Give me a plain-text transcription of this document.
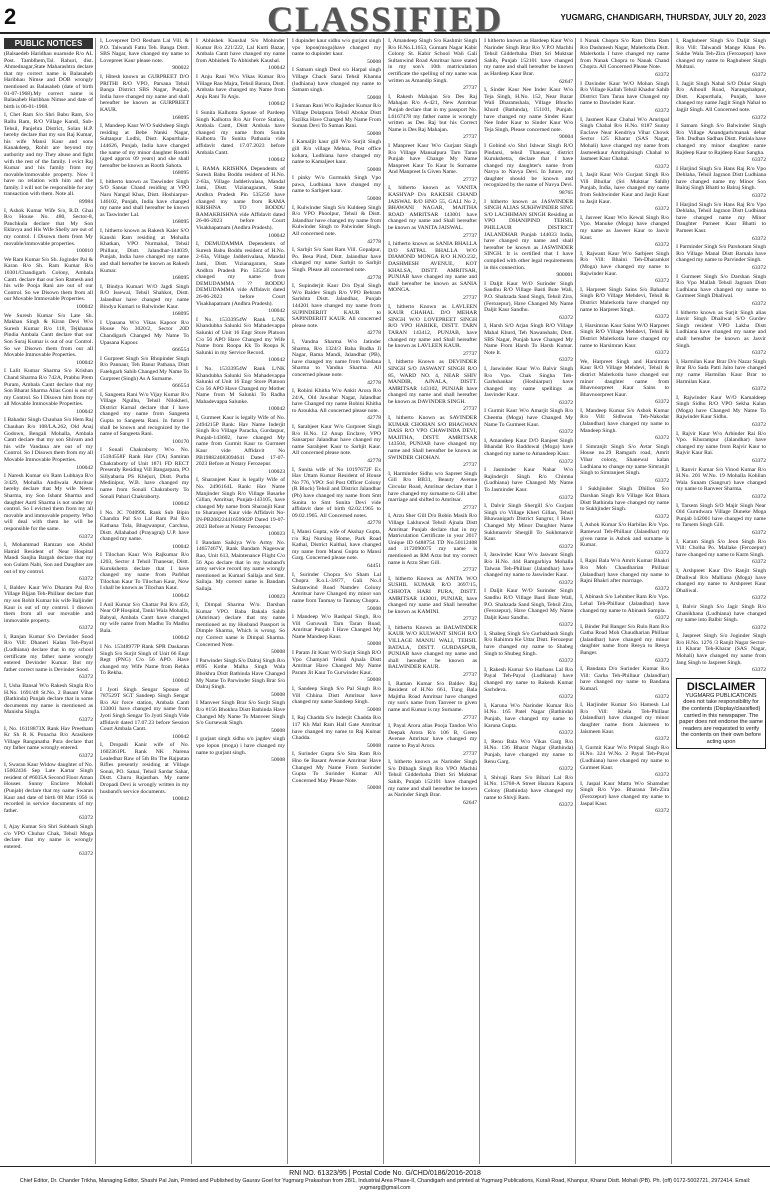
2	CLASSIFIED	YUGMARG, CHANDIGARH, THURSDAY, JULY 20, 2023
PUBLIC NOTICES
(Balsaedeb Haridhau nuarnsde R/o AL Post. Tamblhem,Tal. Rahuri, dist. Ahmednagar,State Maharashtra declare that my correct name is Balasaheb Haribhau Nimse and DOB wrongly mentioned as Balasaheb (date of birth 01-07-1968).My correct name is Balasaheb Haribhau Nimse and date of birth is 06-01-1968.
I, Chet Ram S/o Shri Babu Ram, S/o Rallu Ram, R/O Village Kandi, Sub-Tehsil, Panjehra District, Solan H.P. hereby declare that my son Raj Kumar, his wife Mansi Kaur and sons Kanakdeep, Rohit are beyond my authority and my They abuse and fight with the rest of the family. I evict Raj Kumar and his family from my movable/immovable property. Now I have no relation with him and the family. I will not be responsible for any transaction with them. Note all.
89984
I, Ashok Kumar Wife S/o, R.D. Ghai R/o House No. 480, Sector-8, Panchkula declare that My Son Eklavya and His Wife Shelly are out of my control. I Disown them from My movable/immovable properties.
100010
We Ram Kumar S/o Sh. Joginder Pal & Karan R/o Sh. Ram Kumar R/o 10301/Chandigarh Colony, Ambala Cantt. declare that our Son Ramesh and his wife Pooja Rani are out of our Control. So we Disown them from all our Movable Immovable Properties.
100042
We Suresh Kumar S/o Late Sh. Makhan Singh & Kiran Devi W/o Suresh Kumar R/o 118, Tejkhanas Pindia Ambala Cantt declare that our Son Suraj Kumar is out of our Control. So we Disown them from our all Movable Immovable Properties.
100042
I Lalit Kumar Sharma S/o Krishan Chand Sharma R/o 742A, Prabhu Prem Puram, Ambala Cantt declare that my Son Bharat Sharma Alias Goni is out of my Control. So I Disown him from my all Movable Immovable Properties.
100042
I Bahadur Singh Chauhan S/o Hem Raj Chauhan R/o 108/LA.262, Old Anaj Godown, Bengali Mohalla, Ambala Cantt declare that my son Shivam and his wife Vandana are out of my Control. So I Disown them from my all Movable Immovable Properties.
100042
I Naresh Kumar s/o Ram Lubhaya R/o 3/429, Mohalla Andiwala Amritsar hereby declare that My wife Neeru Sharma, my Son Ishant Sharma and daughter Aarti Sharma is not under my control. So I evicted them from my all movable and immovable property. Who will deal with them he will be responsible for the same.
63372
I, Mohammad Ramzan son Abdul Hamid Resident of Near Hospital Mandi Sanjha Bargah declare that my son Gulam Nabi, Son and Daughter are out of my control.
63372
I, Baldev Kaur W/o Dharam Pal R/o Village Bijjan Teh-Phillaur declare that my son Rohit Kumar his wife Baljinder Kaur is out of my control. I disown them from all our movable and immovable property.
63372
I, Ranjan Kumar S/o Devinder Sood R/o Vill: Dhaneri Kalan Teh-Payal (Ludhiana) declare that in my school certificate my father name wrongly entered Devinder Kumar. But my father correct name is Devinder Sood.
63372
I, Usha Bansal W/o Rakesh Singla R/o H.No. 1691/48 St.No. 2 Basant Vihar (Bathinda) Punjab declare that in some documents my name is mentioned as Manisha Singla.
63372
I, No. 16118873X Rank Hav Preetham Kr Sh R K Ponacha R/o Arasikere Village Ranganatha Pura declare that my father name wrongly entered.
63372
I, Swaran Kaur Widow daughter of No. 15002436 Sep Late Kartar Singh resident of #6035A Second Floor Aman Houses Sunny Enclave Mohali (Punjab) declare that my name Swaran Kaur and date of birth 08 Mar 1956 is recorded in service documents of my father.
63372
I, Ajay Kumar S/o Shri Subhash Singh c/o VPO Chuhar Chak, Tehsil Moga declare that my name is wrongly entered.
63372
I, Lovepreet D/O Resham Lal Vill. & P.O. Talwandi Fattu Teh. Banga Distt. SBS Nagar, have changed my name to Lovepreet Kaur please note.
900022
I, Hitesh known as GURPREET D/O PRITHI R/O VPO, Parsana Tehsil Banga District SBS Nagar, Punjab, India have changed my name and shall hereafter be known as GURPREET KAUR.
168095
I, Mandeep Kaur W/O Sukhdeep Singh residing at Bebe Nanki Nagar, Sultanpur Lodhi, Distt. Kapurthala-144626, Punjab, India have changed the name of my minor daughter Roothi (aged approx 09 years) and she shall hereafter be known as Rooth Sahota.
168095
I, hitherto known as Taswinder Singh S/O Sansar Chand residing at VPO Naru Nangal Khas, Distt. Hoshiarpur-146102, Punjab, India have changed my name and shall hereafter be known as Taswinder Lal.
168095
I, hitherto known as Rakesh Kaler S/O Kanshi Ram residing at Mohalla Khatkan, VPO Nurmahal, Tehsil Phillaur, Distt. Jalandhar-144039, Punjab, India have changed my name and shall hereafter be known as Rakesh Kumar.
168095
I, Bindya Kumari W/O Jagdi Singh R/O Issewal, Tehsil Shahkot, Distt. Jalandhar have changed my name Bindya Kumari to Balwinder Kaur.
168095
I Upasana W/o Vikas Kapoor R/o House No 3020/2, Sector 20D Chandigarh Changed My Name To Upasana Kapoor.
666554
I Gurpreet Singh S/o Bhupinder Singh R/o Pannaur, Teh Banur Pathana, Distt Fatehgarh Sahib Changed My Name To Gurpreet (Singh) As A Surname.
666554
I, Sangeeta Rani W/o Vijay Kumar R/o Village Ngulhu, Tehsil Nilokheri, District Karnal declare that I have changed my name from Sangeeta Gupta to Sangeeta Rani. In future I shall be known and recognized by the name of Sangeeta Rani.
100170
I Sonali Chakraborty W/o No. 15184558F Rank Hav (TA) Samiran Chakraborty of Unit 1871 FD RECT Presently Residing Vill Bangarpara, PO Sillyabaria PS Khejuri, Distt. Purba Medinipur, W.B. have changed my name from Sonali Chakraborty To Sonali Pahari Chakraborty.
100042
I No. JC 704099L Rank Sub Bipin Chandra Pal S/o Lal Ram Pal R/o Kathana Tola, Bhagwanpur, Carchna, Distt. Allahabad (Prayagraj) U.P. have changed my name.
100042
I Tilochan Kaur W/o Rajkumar R/o 1203, Sector 4 Tehsil Thanesar, Distt. Kurukshetra declare that I have changed my name from Parbhat Tilochan Kaur To Tilochan Kaur, Now I shall be known as Tilochan Kaur.
100042
I Anil Kumar S/o Chattar Pal R/o 459, Near OP Hospital, Tanki Wala Mohalla, Babyal, Ambala Cantt have changed my wife name from Madhu To Madhu Bala.
100042
I No. 15348977P Rank SPR Daskaran Singh S/o Surjit Singh of Unit 66 Engr Regt (PNG) C/o 56 APO. Have changed my Wife Name from Rehka To Rekha.
100042
I Jyoti Singh Sengar Spouse of 787529T SGT Sandeep Singh Sengar R/o Air force station, Ambala Cantt 133001 have changed my name from Jyoti Singh Sengar To Jyoti Singh Vide affidavit dated 17.07.23 before Session Court Ambala Cantt.
100042
I, Dropadi Kanir wife of No. 1602361PL Rank NK Narena Lealedhar Raw of 5th Bn The Rajputan Rifles presently residing at Village Sonai, PO. Sanai, Tehsil Sardar Sahar, Distt. Churu Rajasthan. My name Dropadi Devi is wrongly written in my husband's service documents.
100042
I Abhishek Kaushal S/o Mohinder Kumar R/o 221/222, Lal Kurti Bazar, Ambala Cantt have changed my name from Abhishek To Abhishek Kaushal.
100042
I Anju Rani W/o Vikas Kumar R/o Village Rao Majra, Tehsil Barara, Distt. Ambala have changed my Name from Anju Rani To Anju.
100042
I Sunita Kalhotra Spouse of Pardeep Singh Kalhotra R/o Air Force Station, Ambala Cantt, Distt Ambala have changed my name from Sunita Kalhotra To Sunita Pathania vide affidavit dated 17.07.2023 before Ambala Cantt.
100042
I, RAMA KRISHNA Dependents of Suresh Babu Boddu resident of H.No. 2-63a, Village Jaddetivalasa, Mandal Jami, Distt. Vizianagaram, State Andhra Pradesh Pin 535250 have changed my name from RAMA KRISHNA TO BODDU RAMAKRISHNA vide Affidavit dated 26-06-2023 before Court Visakhapatnam (Andhra Pradesh).
100042
I, DEMUDAMMA Dependents of Suresh Babu Boddu resident of H.No. 2-63a, Village Jaddetivalasa, Mandal Jami, Distt. Vizianagaram, State Andhra Pradesh Pin 535250 have changed my name from DEMUDAMMA ?? BODDU DEMUDAMMA vide Affidavit dated 26-06-2023 before Court Visakhapatnam (Andhra Pradesh).
100042
I No. 15333954W Rank L/NK Khandubha Salunki S/o Mahadevappa Salunki of Unit 16 Engr Store Platoon C/o 56 APO Have Changed my Wife Name from Roopa Kk To Roopa K Salunki in my Service Record.
100042
I No. 15333954W Rank L/NK Khandubha Salunki S/o Mahadevappa Salunki of Unit 16 Engr Store Platoon C/o 56 APO Have Changed my Mother Name from M Salunki To Radha Mahadevappa Salunke.
100042
I, Gurmeet Kaur is legally Wife of No. 2494215P Rank: Hav Name Inderjit Singh R/o Village Paracha, Gurdaspur, Punjab-143602, have changed My name from Gurmit Kaur to Gurmeet Kaur vide Affidavit No PB198824683094641 Dated 17-07-2023 Before at Notary Ferozepur.
100023
I, Sharanjeet Kaur is legally Wife of No. 2496164L Rank: Hav Name Manjinder Singh R/o Village Basarke Gillan, Amritsar, Punjab-143105, have changed My name from Sharanjit Kaur to Sharanjeet Kaur vide Affidavit No-IN-PB20822441659902P Dated 19-07-2023 Before at Notary Ferozepur.
100023
I Bandam Saikiya W/o Army No. 14657467Y, Rank Bandam Nageswar Rao, Unit 613, Maintenance Flight C/o 56 Apo declare that in my husband's army service record my name wrongly mentioned as Kumari Sailaja and Smt. Sailaja. My correct name is Bandam Sailaja.
100023
I, Dimpal Sharma W/o. Darshan Kumar VPO. Baba Bakala Sahib (Amritsar) declare that my name mentioned as my Husband Passport is Dimple Sharma, Which is wrong. So my Correct name is Dimpal Sharma. Concerned Note.
50008
I Parwinder Singh S/o Dalraj Singh R/o #695 Kothe Malha Singh Wala Bhokhra Distt Bathinda Have Changed My Name To Parwinder Singh Brar S/o Dalraj Singh.
50008
I Manveer Singh Brar S/o Surjit Singh R/o #156 Bhokhra Distt Bathinda Have Changed My Name To Manveer Singh S/o Gursewak Singh.
50008
I gurjant singh sidhu s/o jagdev singh vpo lopon (moga) i have changed my name to gurjant singh.
50008
I dupinder kaur sidhu w/o gurjant singh vpo lopon(moga)have changed my name to dupinder kaur.
50008
I Satnam singh Deol s/o Harpal singh Village Chack Sarai Tehsil Khanna (ludhiana) have changed my name to Satnam singh.
50008
I Suman Rani W/o Rajinder Kumar R/o Village Dolatpura Tehsil Abohar Distt Fazilka Have Changed My Name From Suman Devi To Suman Rani.
50008
I Kamaljit kaur gill W/o Surjit Singh gill R/o village Mehna, Post office kohara, Ludhiana have changed my name to Kamaljeet kaur.
50008
I pinky W/o Gurmukh Singh Vpo pawa, Ludhiana have changed my name to Sarbjeet kaur.
50008
I, Kulwinder Singh S/o Kuldeep Singh R/o VPO Phoolpur, Tehsil & Distt. Jalandhar have changed my name from Kulwinder Singh to Palwinder Singh. All concerned note.
42778
I, Sarbjit S/o Sant Ram Vill. Gopalpur, Po. Besa Pind, Distt. Jalandhar have changed my name Sarbjit to Sarbjit Singh. Please all concerned note.
42778
I, Supinderjit Kaur D/o Dyal Singh W/o Baldev Singh R/o VPO Behram Sarishta Distt. Jalandhar, Punjab 144201 have changed my name from SUPINDERJIT KAUR to SAPINDERJIT KAUR. All concerned please note.
42778
I, Vandna Sharma W/o Jatinder Sharma, R/o 1324/3 Baba Budha Ji Nagar, Rama Mandi, Jalandhar (PB), have changed my name from Vandana Sharma to Vandna Sharma. All concerned please note.
42778
I, Rohini Khitha W/o Ankit Arora R/o 24/A, Old Jawahar Nagar, Jalandhar have Changed my name Rohini Khitha to Aroukha. All concerned please note.
42778
I, Sarabjeet Kaur W/o Gurpreet Singh R/o H.No. 12 Anup Enclave, VPO Sansarpur Jalandhar have changed my name Sarabjeet Kaur to Sarbjit Kaur. All concerned please note.
42778
I, Sunita wife of No 10197672F Ex Hav Uttam Kumar Resident of House No 776, VPO: Sol Post Officer Colony (R Block) Tehsil and District Jalandhar (Pb) have changed my name from Smt Sunita to Smt Sunita Devi vide affidavit date of birth 02.02.1965 to 09.02.1965. All Concerned notes.
42778
I, Mansi Gupta, wife of Akshay Gupta, r/o Raj Nursing Home, Park Road Kathal, District Kaithal, have changed my name from Mansi Gupta to Mansi Garg. Concerned please note.
64451
I, Surinder Chopra S/o Sham Lal Chopra R.o.L-3/877, Gali No.4 Sultanwind Road Namdev Colony Amritsar have Changed my minor son name from Tanmay to Tanmay Chopra.
50008
I Mandeep W/o Rashpal Singh, R/o Vill Guruwali Tarn Taran Road, Amritsar Punjab I Have Changed My Name Mandeep Kaur.
50008
I Param Jit Kaur W/O Surjit Singh R/O Vpo Chamyari Tehsil Ajnala Distt Amritsar Have Changed My Name Param Jit Kaur To Gurwinder Kaur.
50008
I, Sandeep Singh S/o Pal Singh R/o Vill Chhina Distt Amritsar have changed my name Sandeep Singh.
50008
I, Raj Chadda S/o Inderjit Chadda R/o 117 Kh Mal Ram Hall Gate Amritsar have changed my name to Raj Kumar Chadda.
50008
I, Surinder Gupta S/o Sita Ram R/o Hno 6e Basant Avenue Amritsar Have Changed My Name From Surinder Gupta To Surinder Kumar All Concerned May Please Note.
50008
I, Amandeep Singh S/o Kashmir Singh R/o H.No.L1653, Gurnam Nagar Kabir Colony St. Kabir School Wali Gali Sultanwind Road Amritsar have stated in my son's 10th matriculation certificate the spelling of my name was written as Amandip Singh.
27737
I, Rakesh Mahajan S/o Des Raj Mahajan R/o A-421, New Amritsar Punjab declare that in my passport No. L6167478 my father name is wrongly written as Des Raj but his Correct Name is Des Raj Mahajan.
27737
I Manpreet Kaur W/o Gurjant Singh R/o Village Mansalpura Tarn Taran Punjab have Change My Name Manpreet Kaur To Kaur Is Surname And Manpreet Is Given Name.
27737
I, hitherto known as VANITA KASHYAP D/o RAKESH CHAND JAISWAL R/O HNO 55, GALI No 2, BHAWANI NAGAR, MAJITHA ROAD AMRITSAR 143001 have changed my name and Shall hereafter be known as VANITA JAISWAL.
27737
I, hitherto known as SANIA BHALLA D/O SATPAL BHALLA W/O DIAMOND MONGA R/O H.NO.232, DASHMESH AVENUE, KOT KHALSA, DISTT. AMRITSAR, PUNJAB have changed my name and shall hereafter be known as SANIA MONGA.
27737
I, hitherto Known as LAVLEEN KAUR CHAHAL D/O MEHAR SINGH W/O LOVEPREET SINGH R/O VPO HARIKE, DISTT. TARN TARAN 143412, PUNJAB, have changed my name and Shall hereafter be known as LAVLEEN KAUR.
27737
I, hitherto Known as DEVINDER SINGH S/O JASWANT SINGH R/O 85, WARD NO. 4, NEAR SHIV MANDIR, AJNALA, DISTT. AMRITSAR 143102, PUNJAB have changed my name and shall hereafter be known as DAVINDER SINGH.
27737
I, hitherto Known as SAVINDER KUMAR CHOHAN S/O BHAGWAN DASS R/O VPO CHAWINDA DEVI, MAJITHA, DISTT. AMRITSAR 143504, PUNJAB have changed my name and Shall hereafter be known as SWINDER CHOHAN.
27737
I, Harminder Sidhu w/o Sapreet Singh Gill R/o BB31, Beauty Avenue Circular Road, Amritsar declare that I have changed my surname to Gill after marriage and shifted to Amritsar.
27737
I, Arzu Sher Gill D/o Robin Masih R/o Village Lakhuwal Tehsil Ajnala Distt Amritsar Punjab declare that in my Matriculation Certificate in year 2017 Unique ID 6488754 TD No.50112408 and 1172090075 my name is mentioned as RM Arzu but my correct name is Arzu Sher Gill.
27737
I, hitherto Known as ANITA W/O SUSHIL KUMAR R/O 3697/15, CHHOTA HARI PURA, DISTT. AMRITSAR 143001, PUNJAB, have changed my name and Shall hereafter be known as KAMINI.
27737
I, hitherto Known as BALWINDER KAUR W/O KULWANT SINGH R/O VILLAGE MANJU WALI, TEHSIL BATALA, DISTT. GURDASPUR, PUNJAB have changed my name and shall hereafter be known as BALWINDER KAUR.
27737
I, Raman Kumar S/o Baldev Raj Resident of H.No 661, Tung Bala Majitha Road Amritsar have changed my son's name from Tanveer to given name and Kumar is my Surname.
27737
I, Payal Arora alias Pooja Tandon W/o Deepak Arora R/o 106 B, Green Avenue Amritsar have changed my name to Payal Arora.
27737
I, hitherto known as Narinder Singh S/o Dilbagh Singh R/o VPO Machhi Tehsil Gidderbaha Distt Sri Muktsar Sahib, Punjab 152101 have changed my name and shall hereafter be known as Narinder Singh Brar.
62647
I hitherto known as Hardeep Kaur W/o Narinder Singh Brar R/o V.P.O Machhi Tehsil Gidderbaha Distt Sri Muktsar Sahib, Punjab 152101 have changed my name and shall hereafter be known as Hardeep Kaur Brar.
62647
I, Sinder Kaur Nee Inder Kaur W/o Teja Singh, H.No. 152, Near Bazar Wali Dharamshala, Village Bhucho Khurd (Bathinda), 151101, Punjab. have changed my name Sinder Kaur Nee Inder Kaur to Sinder Kaur W/o Teja Singh, Please concerned note.
90004
I Gobind s/o Shri Ishwar Singh R/O Pindarsi, tehsil Thanesar, district Kurukshetra, declare that I have changed my daughter's name from Navya to Navya Devi. In future, my daughter should be known and recognized by the name of Navya Devi.
98765
I hitherto known as JASWINDER SINGH ALIAS SUKHWINDER SING S/O LACHHMAN SINGH Residing at VPO DHANIPIND TEHSIL PHILLAUR DISTRICT JALANDHAR Punjab 144033 India, have changed my name and shall hereafter be known as JASWINDER SINGH. It is certified that I have complied with other legal requirements in this connection.
900001
I Daljit Kaur W/O Surinder Singh Sandhu R/O Village Basti Bute Wali, P.O. Shahzada Sand Singh, Tehsil Zira, (Ferozepur), Have Changed My Name Daljit Kaur Sandhu.
63372
I, Harsh S/O Arjan Singh R/O Village Mahal Khurd, Teh Nawanshahr, Distt. SBS Nagar, Punjab have Changed My Name From Harsh To Harsh Kumar. Note It.
63372
I, Jaswinder Kaur W/o Balvir Singh R/o Vpo. Chak Singha Teh-Garhshankar (Hoshiarpur) have changed my name spellings as Jasvinder Kaur.
63372
I Gurmit Kaur W/o Amarjit Singh R/o Cheema (Moga) have Changed My Name To Gurmeet Kaur.
63372
I, Amandeep Kaur D/O Ranjeet Singh Bhandal R/o Baddowal (Moga) have changed my name to Amandeep Kaur.
63372
I Jasminder Kaur Nahar W/o Rajinderjit Singh R/o Chimna (Ludhiana) have Changed My Name To Jasminder Kaur.
63372
I, Dalvir Singh Shergill S/o Gurjant Singh r/o Village Kheri Gillan, Tehsil Bhawanigarh District Sangrur, I Have Changed My Minor Daughter Name Sukhmanvir Shergill To Sukhmanvir Kaur.
63372
I, Jaswinder Kaur W/o Jaswant Singh R/o H.No. 444 Ramgarhiya Mohalla Talwan Teh-Phillaur (Jalandhar) have changed my name to Jaswinder Kaur.
63372
I Daljit Kaur W/O Surinder Singh Sandhu R/O Village Basti Bute Wali, P.O. Shahzada Sand Singh, Tehsil Zira, (Ferozepur), Have Changed My Name Daljit Kaur Sandhu.
63372
I, Shabeg Singh S/o Gurbakhash Singh R/o Rahimra Ke Uttar Distt. Ferozepur have changed my name to Shabeg Singh to Shubeg Singh.
63372
I, Rakesh Kumar S/o Harbans Lal R/o Payal Teh-Payal (Ludhiana) have changed my name to Rakesh Kumar Sachdeva.
63372
I, Karuna W/o Narinder Kumar R/o H.No. 165 Patel Nagar (Bathinda) Punjab, have changed my name to Karuna Gupta.
63372
I, Renu Bala W/o Vikas Garg R/o H.No. 136 Bharat Nagar (Bathinda) Punjab, have changed my name to Renu Garg.
63372
I, Shivaji Ram S/o Bihari Lal R/o H.No. 15768-A Street Hazura Kapura Colony (Bathinda) have changed my name to Shivji Ram.
63372
I Nanak Chopra S/o Ram Ditta Ram R/o Dashmesh Nagar, Malerkotla Distt. Malerkotla I have changed my name from Nanak Chopra to Nanak Chand Chopra. All Concerned Please Note.
63372
I Davinder Kaur W/O Mohan Singh R/o Village Kallah Tehsil Khadur Sahib District Tarn Taran have Changed my name to Dawinder Kaur.
63372
I, Jasmeet Kaur Chahal W/o Amritpal Singh Chahal R/o H.No. 8187 Sunny Enclave Near Kendriya Vihar Chowk Sector 125 Kharar (SAS Nagar, Mohali) have changed my name from Jasmeetkaur Amritpalsingh Chahal to Jasmeet Kaur Chahal.
63372
I, Jasjit Kaur W/o Gurjant Singh R/o Vill Bhullar (Sri Muktsar Sahib) Punjab, India, have changed my name from Sukhwinder Kaur and Jasjit Kaur to Jasjit Kaur.
63372
I, Jasveer Kaur W/o Kewal Singh R/o Vpo. Manuke (Moga) have changed my name as Jasveer Kaur to Jasvir Kaur.
63372
I, Rajwant Kaur W/o Sarbjeet Singh R/o Vill: Bhaini Teh-Dharamkot (Moga) have changed my name to Rajwinder Kaur.
63372
I, Harpreet Singh Sains S/o Bahadur Singh R/O Village Mehdevi, Tehsil & District Malerkotla have changed my name to Harpreet Singh.
63372
I, Harsimran Kaur Sains W/O Harpreet Singh R/O Village Mehdevi, Tehsil & District Malerkotla have changed my name to Harsimran Kaur.
63372
We, Harpreet Singh and Harsimran Kaur R/O Village Mehdevi, Tehsil & district Malerkotla have changed our minor daughter name from Bhavnoorpreet Kaur Sains to Bhavnoorpreet Kaur.
63372
I, Mandeep Kumar S/o Ashok Kumar R/o Vill: Sidhwan Teh-Nakodar (Jalandhar) have changed my name to Mandeep Singh.
63372
I Simranjit Singh S/o Avtar Singh House no.29 Ramgarh road, Amrit Vihar colony, Shanewal kalan Ludhiana to change my name Simranjit Singh to Simranjeet Singh.
63372
I Sukhjinder Singh Dhillon S/o Darshan Singh R/o Village Kot Bhara Distt Bathinda have changed my name to Sukhjinder Singh.
63372
I, Ashok Kumar S/o Harbilas R/o Vpo. Ramewal Teh-Phillaur (Jalandhar) my given name is Ashok and surname is Kumar.
63372
I, Rajni Bala W/o Amrit Kumar Bhakri R/o Moh Chaudharian Phillaur (Jalandhar) have changed my name to Rajni Bhakri after marriage.
63372
I, Abinash S/o Lehmber Ram R/o Vpo. Lehal Teh-Phillaur (Jalandhar) have changed my name to Abinash Sampla.
63372
I, Binder Pal Banger S/o Rulu Ram R/o Gatha Road Moh Chaudharian Phillaur (Jalandhar) have changed my minor daughter name from Reeya to Reeya Banger.
63372
I, Bandana D/o Surinder Kumar R/o Vill: Garha Teh-Phillaur (Jalandhar) have changed my name to Bandana Kumari.
63372
I, Harjinder Kumar S/o Hamesh Lal R/o Vill: Khela Teh-Phillaur (Jalandhar) have changed my minor daughter name from Jaismeen to Jaismeen Kaur.
63372
I, Gurmit Kaur W/o Pritpal Singh R/o H.No. 324 W.No. 2 Payal Teh-Payal (Ludhiana) have changed my name to Gurmeet Kaur.
63372
I, Jaspal Kaur Mattu W/o Shamsher Singh R/o Vpo. Bharana Teh-Zira (Ferozepur) have changed my name to Jaspal Kaur.
63372
I, Raghubeer Singh S/o Daljit Singh R/o Vill: Talwandi Mange Khan Po. Sukhe Wala Teh-Zira (Ferozepur) have changed my name to Raghubeer Singh Multani.
63372
I, Jagjit Singh Nahal S/O Didar Singh R/o Alhoull Road, Narangshahpur, Distt. Kapurthala, Punjab, have changed my name Jagjit Singh Nahal to Jagjit Singh. All Concerned note.
63372
I Satnam Singh S/o Balwinder Singh R/o Village Anandgarh/manak dehar Teh. Dudhan Sadhan Distt. Patiala have changed my minor daughter name Rajdeep Kaur to Rajdeep Kaur Sangha.
63372
I Harjind Singh S/o Hans Raj R/o Vpo Dehlaha, Tehsil Jagraon Distt Ludhiana have changed name my Minor Son Balraj Singh Bhatti to Balraj Singh.
63372
I Harjind Singh S/o Hans Raj R/o Vpo Dehlaha, Tehsil Jagraon Distt Ludhiana have changed name my Minor Daughter Parneet Kaur Bhatti to Parneet Kaur.
63372
I Parminder Singh S/o Parshotam Singh R/o Village Manal Distt Barnala have changed my name to Parvinder Singh.
63372
I Gurmeet Singh S/o Darshan Singh R/o Vpo Mallah Tehsil Jagraon Distt Ludhiana have changed my name to Gurmeet Singh Dhaliwal.
63372
I hitherto known as Surjit Singh alias Jasvir Singh Dhaliwal S/O Gurdev Singh resident VPO Lakha Distt Ludhiana have changed my name and shall hereafter be known as Jasvir Singh.
63372
I, Harmilan Kaur Brar D/o Nazar Singh Brar R/o Sada Patti Jaito have changed my name Harmilan Kaur Brar to Harmilan Kaur.
63372
I, Rajwinder Kaur W/O Kamaldeep Singh Sidhu R/O VPO Sekha Kalan (Moga) have Changed My Name To Rajwinder Kaur Sidhu.
63372
I, Rajvir Kaur W/o Arbinder Rai R/o Vpo. Khurampur (Jalandhar) have changed my name from Rajvir Kaur to Rajvir Kaur Rai.
63372
I, Ranvir Kumar S/o Vinod Kumar R/o H.No. 201 W.No. 19 Mohalla Kohlian Wala Sunam (Sangrur) have changed my name to Ranveer Sharma.
63372
I, Tarsem Singh S/O Majir Singh Near Old Gurudwara Village Duneke Moga Punjab 142001 have changed my name to Tarsem Singh Gill.
63372
I, Karam Singh S/o Jeon Singh R/o Vill: Cholha Po. Mallake (Ferozepur) have changed my name to Karm Singh.
63372
I, Arshpreet Kaur D/o Ranjit Singh Dhaliwal R/o Malliana (Moga) have changed my name to Arshpreet Kaur Dhaliwal.
63372
I, Balvir Singh S/o Jagir Singh R/o Ghanikhana (Ludhiana) have changed my name into Balbir Singh.
63372
I, Jaspreet Singh S/o Joginder Singh R/o H.No. 1276 /3 Ranjit Nagar Sector-11 Kharar Teh-Kharar (SAS Nagar, Mohali) have changed my name from Jang Singh to Jaspreet Singh.
63372
DISCLAIMER
YUGMARG PUBLICATIONS does not take responsibility for the contents (Display/classified) carried in this newspaper. The paper does not endorse the same readers are requested to verify the contents on their own before acting upon
RNI NO. 61323/95 | Postal Code No. G/CHD/0186/2016-2018
Chief Editor, Dr. Chander Trikha, Managing Editor, Shashi Pal Jain, Printed and Published by Gaurav Goel for Yugmarg Prakashan from 28/1, Industrial Area Phase-II, Chandigarh and printed at Yugmarg Publications, Kurali Road, Khanpur, Kharar Distt. Mohali (PB). Ph. (off) 0172-5002721, 2972414. Email: yugmarg@gmail.com
